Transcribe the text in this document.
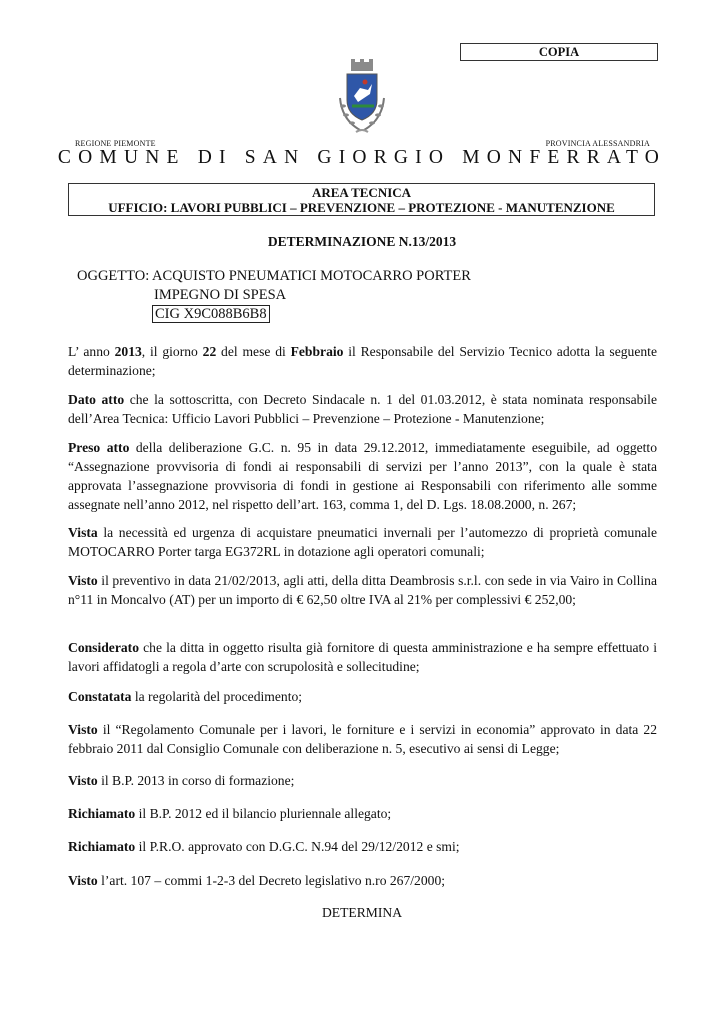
COPIA
REGIONE PIEMONTE	PROVINCIA ALESSANDRIA
COMUNE DI SAN GIORGIO MONFERRATO
AREA TECNICA
UFFICIO: LAVORI PUBBLICI – PREVENZIONE – PROTEZIONE - MANUTENZIONE
DETERMINAZIONE N.13/2013
OGGETTO: ACQUISTO PNEUMATICI MOTOCARRO PORTER
IMPEGNO DI SPESA
CIG X9C088B6B8
L’ anno 2013, il giorno 22 del mese di Febbraio il Responsabile del Servizio Tecnico adotta la seguente determinazione;
Dato atto che la sottoscritta, con Decreto Sindacale n. 1 del 01.03.2012, è stata nominata responsabile dell’Area Tecnica: Ufficio Lavori Pubblici – Prevenzione – Protezione - Manutenzione;
Preso atto della deliberazione G.C. n. 95 in data 29.12.2012, immediatamente eseguibile, ad oggetto “Assegnazione provvisoria di fondi ai responsabili di servizi per l’anno 2013”, con la quale è stata approvata l’assegnazione provvisoria di fondi in gestione ai Responsabili con riferimento alle somme assegnate nell’anno 2012, nel rispetto dell’art. 163, comma 1, del D. Lgs. 18.08.2000, n. 267;
Vista la necessità ed urgenza di acquistare pneumatici invernali per l’automezzo di proprietà comunale MOTOCARRO Porter targa EG372RL in dotazione agli operatori comunali;
Visto il preventivo in data 21/02/2013, agli atti, della ditta Deambrosis s.r.l. con sede in via Vairo in Collina n°11 in Moncalvo (AT) per un importo di € 62,50 oltre IVA al 21% per complessivi € 252,00;
Considerato che la ditta in oggetto risulta già fornitore di questa amministrazione e ha sempre effettuato i lavori affidatogli a regola d’arte con scrupolosità e sollecitudine;
Constatata la regolarità del procedimento;
Visto il “Regolamento Comunale per i lavori, le forniture e i servizi in economia” approvato in data 22 febbraio 2011 dal Consiglio Comunale con deliberazione n. 5, esecutivo ai sensi di Legge;
Visto il B.P. 2013 in corso di formazione;
Richiamato il B.P. 2012 ed il bilancio pluriennale allegato;
Richiamato il P.R.O. approvato con D.G.C. N.94 del 29/12/2012 e smi;
Visto l’art. 107 – commi 1-2-3 del Decreto legislativo n.ro 267/2000;
DETERMINA
